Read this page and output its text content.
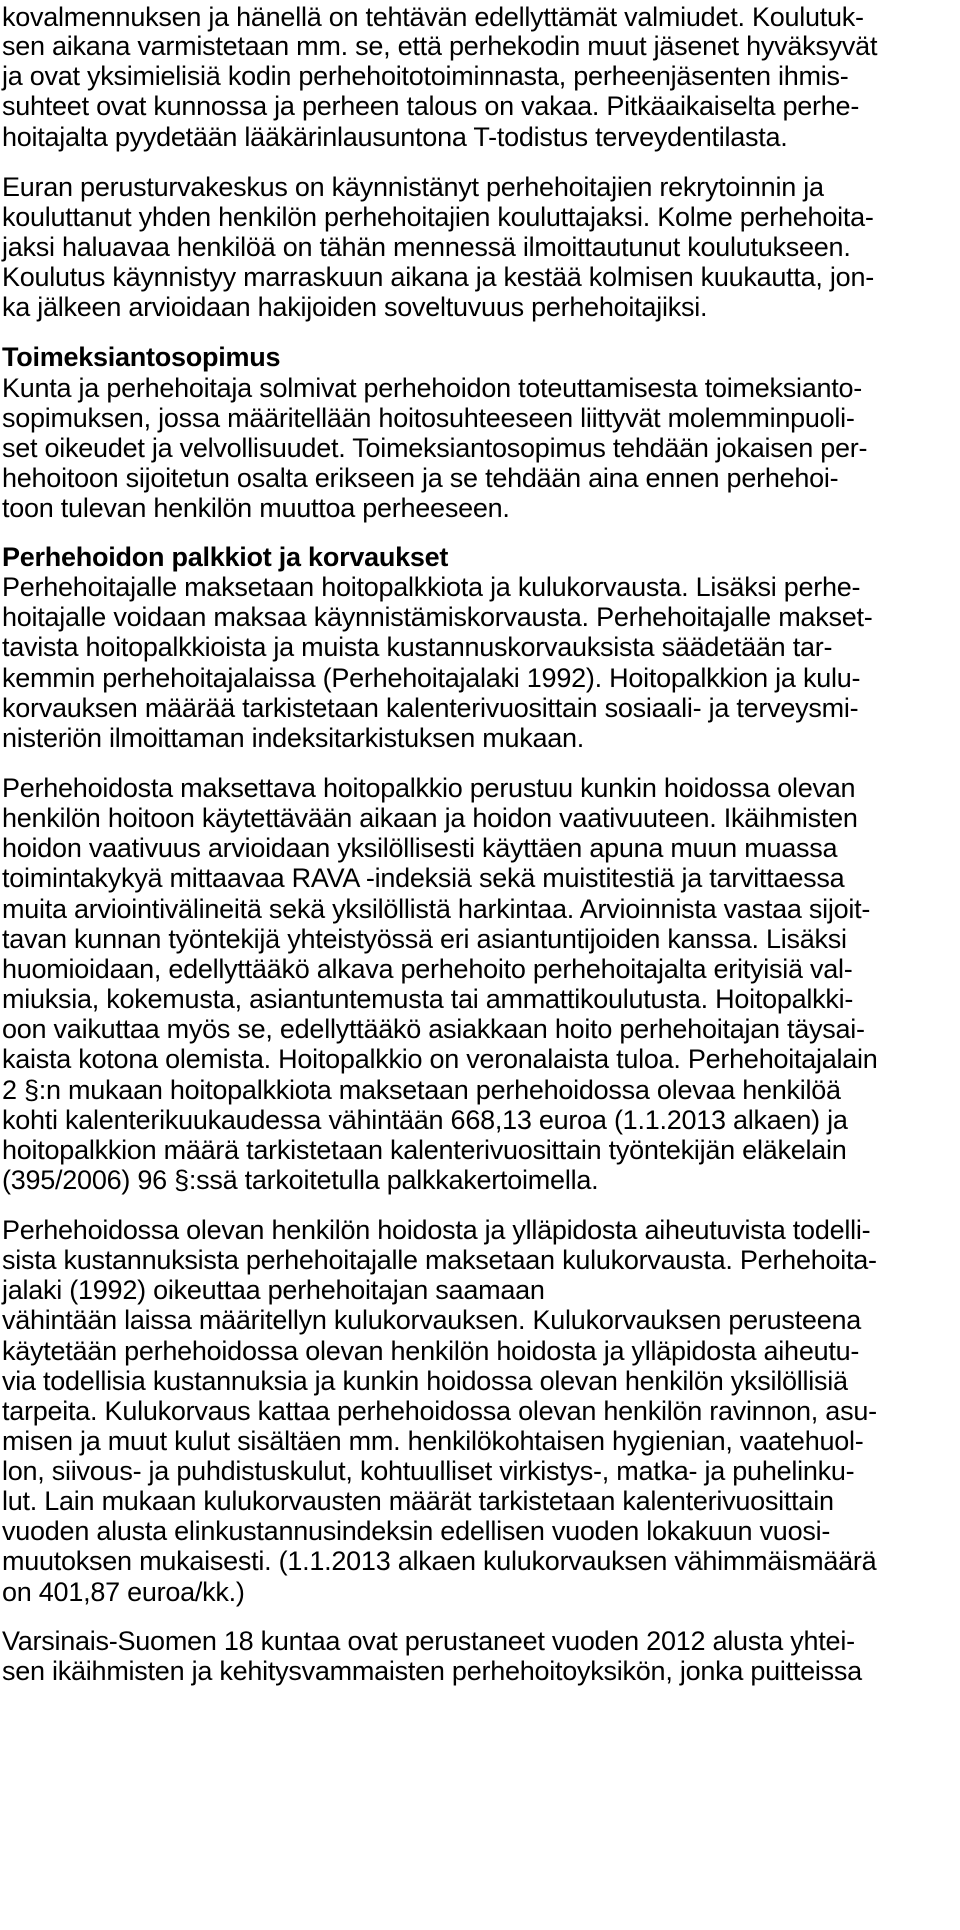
kovalmennuksen ja hänellä on tehtävän edellyttämät valmiudet. Koulutuk-
sen aikana varmistetaan mm. se, että perhekodin muut jäsenet hyväksyvät
ja ovat yksimielisiä kodin perhehoitotoiminnasta, perheenjäsenten ihmis-
suhteet ovat kunnossa ja perheen talous on vakaa. Pitkäaikaiselta perhe-
hoitajalta pyydetään lääkärinlausuntona T-todistus terveydentilasta.
Euran perusturvakeskus on käynnistänyt perhehoitajien rekrytoinnin ja
kouluttanut yhden henkilön perhehoitajien kouluttajaksi. Kolme perhehoita-
jaksi haluavaa henkilöä on tähän mennessä ilmoittautunut koulutukseen.
Koulutus käynnistyy marraskuun aikana ja kestää kolmisen kuukautta, jon-
ka jälkeen arvioidaan hakijoiden soveltuvuus perhehoitajiksi.
Toimeksiantosopimus
Kunta ja perhehoitaja solmivat perhehoidon toteuttamisesta toimeksianto-
sopimuksen, jossa määritellään hoitosuhteeseen liittyvät molemminpuoli-
set oikeudet ja velvollisuudet. Toimeksiantosopimus tehdään jokaisen per-
hehoitoon sijoitetun osalta erikseen ja se tehdään aina ennen perhehoi-
toon tulevan henkilön muuttoa perheeseen.
Perhehoidon palkkiot ja korvaukset
Perhehoitajalle maksetaan hoitopalkkiota ja kulukorvausta. Lisäksi perhe-
hoitajalle voidaan maksaa käynnistämiskorvausta. Perhehoitajalle makset-
tavista hoitopalkkioista ja muista kustannuskorvauksista säädetään tar-
kemmin perhehoitajalaissa (Perhehoitajalaki 1992). Hoitopalkkion ja kulu-
korvauksen määrää tarkistetaan kalenterivuosittain sosiaali- ja terveysmi-
nisteriön ilmoittaman indeksitarkistuksen mukaan.
Perhehoidosta maksettava hoitopalkkio perustuu kunkin hoidossa olevan
henkilön hoitoon käytettävään aikaan ja hoidon vaativuuteen. Ikäihmisten
hoidon vaativuus arvioidaan yksilöllisesti käyttäen apuna muun muassa
toimintakykyä mittaavaa RAVA -indeksiä sekä muistitestiä ja tarvittaessa
muita arviointivälineitä sekä yksilöllistä harkintaa. Arvioinnista vastaa sijoit-
tavan kunnan työntekijä yhteistyössä eri asiantuntijoiden kanssa. Lisäksi
huomioidaan, edellyttääkö alkava perhehoito perhehoitajalta erityisiä val-
miuksia, kokemusta, asiantuntemusta tai ammattikoulutusta. Hoitopalkki-
oon vaikuttaa myös se, edellyttääkö asiakkaan hoito perhehoitajan täysai-
kaista kotona olemista. Hoitopalkkio on veronalaista tuloa. Perhehoitajalain
2 §:n mukaan hoitopalkkiota maksetaan perhehoidossa olevaa henkilöä
kohti kalenterikuukaudessa vähintään 668,13 euroa (1.1.2013 alkaen) ja
hoitopalkkion määrä tarkistetaan kalenterivuosittain työntekijän eläkelain
(395/2006) 96 §:ssä tarkoitetulla palkkakertoimella.
Perhehoidossa olevan henkilön hoidosta ja ylläpidosta aiheutuvista todelli-
sista kustannuksista perhehoitajalle maksetaan kulukorvausta. Perhehoita-
jalaki (1992) oikeuttaa perhehoitajan saamaan
vähintään laissa määritellyn kulukorvauksen. Kulukorvauksen perusteena
käytetään perhehoidossa olevan henkilön hoidosta ja ylläpidosta aiheutu-
via todellisia kustannuksia ja kunkin hoidossa olevan henkilön yksilöllisiä
tarpeita. Kulukorvaus kattaa perhehoidossa olevan henkilön ravinnon, asu-
misen ja muut kulut sisältäen mm. henkilökohtaisen hygienian, vaatehuol-
lon, siivous- ja puhdistuskulut, kohtuulliset virkistys-, matka- ja puhelinku-
lut. Lain mukaan kulukorvausten määrät tarkistetaan kalenterivuosittain
vuoden alusta elinkustannusindeksin edellisen vuoden lokakuun vuosi-
muutoksen mukaisesti. (1.1.2013 alkaen kulukorvauksen vähimmäismäärä
on 401,87 euroa/kk.)
Varsinais-Suomen 18 kuntaa ovat perustaneet vuoden 2012 alusta yhtei-
sen ikäihmisten ja kehitysvammaisten perhehoitoyksikön, jonka puitteissa
